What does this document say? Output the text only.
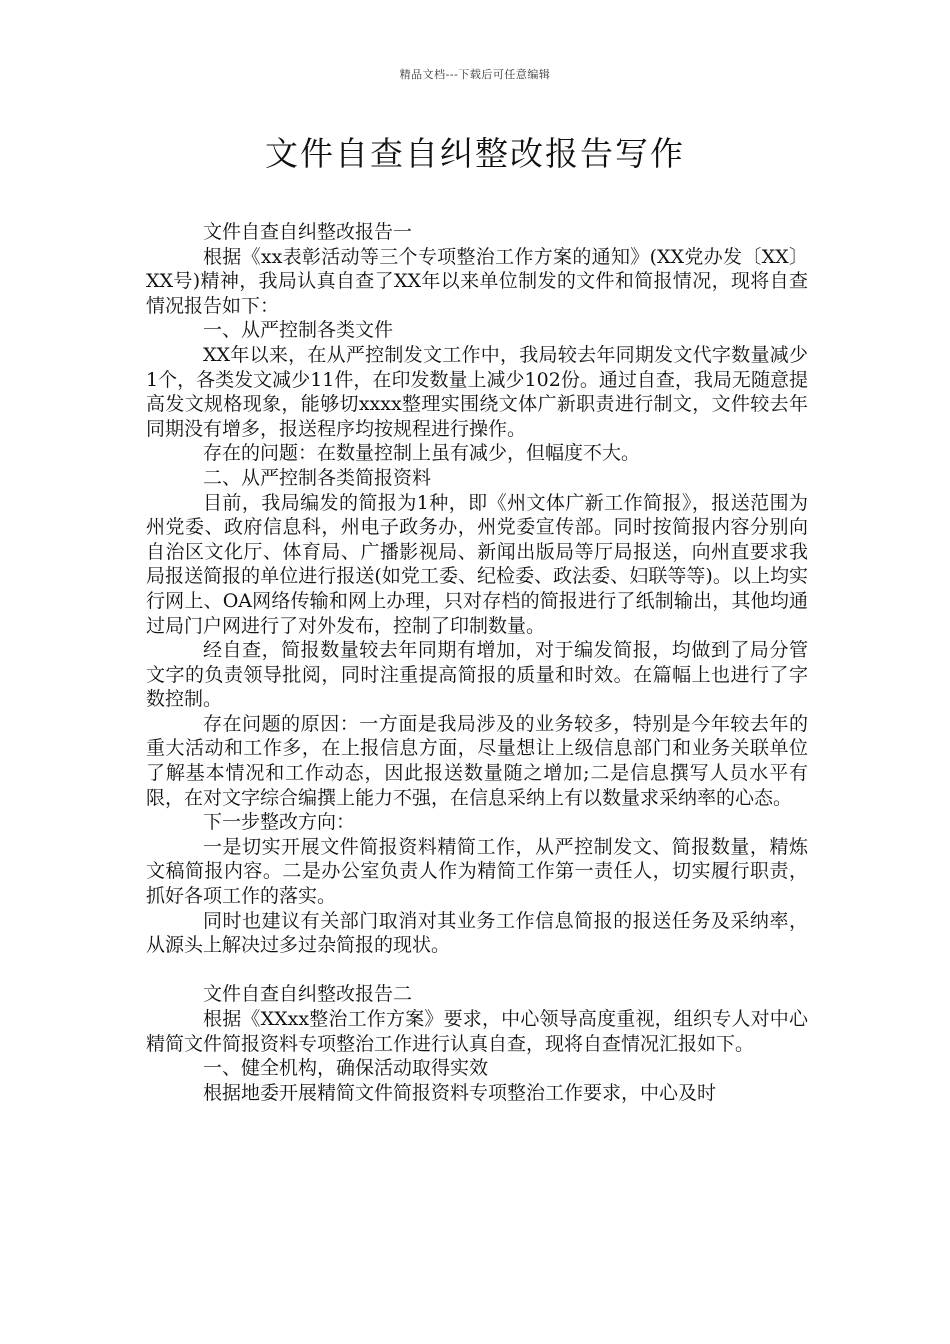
精品文档---下载后可任意编辑
文件自查自纠整改报告写作

文件自查自纠整改报告一

根据《xx表彰活动等三个专项整治工作方案的通知》(XX党办发〔XX〕XX号)精神，我局认真自查了XX年以来单位制发的文件和简报情况，现将自查情况报告如下：

一、从严控制各类文件

XX年以来，在从严控制发文工作中，我局较去年同期发文代字数量减少1个，各类发文减少11件，在印发数量上减少102份。通过自查，我局无随意提高发文规格现象，能够切xxxx整理实围绕文体广新职责进行制文，文件较去年同期没有增多，报送程序均按规程进行操作。

存在的问题：在数量控制上虽有减少，但幅度不大。

二、从严控制各类简报资料

目前，我局编发的简报为1种，即《州文体广新工作简报》，报送范围为州党委、政府信息科，州电子政务办，州党委宣传部。同时按简报内容分别向自治区文化厅、体育局、广播影视局、新闻出版局等厅局报送，向州直要求我局报送简报的单位进行报送(如党工委、纪检委、政法委、妇联等等)。以上均实行网上、OA网络传输和网上办理，只对存档的简报进行了纸制输出，其他均通过局门户网进行了对外发布，控制了印制数量。

经自查，简报数量较去年同期有增加，对于编发简报，均做到了局分管文字的负责领导批阅，同时注重提高简报的质量和时效。在篇幅上也进行了字数控制。

存在问题的原因：一方面是我局涉及的业务较多，特别是今年较去年的重大活动和工作多，在上报信息方面，尽量想让上级信息部门和业务关联单位了解基本情况和工作动态，因此报送数量随之增加;二是信息撰写人员水平有限，在对文字综合编撰上能力不强，在信息采纳上有以数量求采纳率的心态。

下一步整改方向：

一是切实开展文件简报资料精简工作，从严控制发文、简报数量，精炼文稿简报内容。二是办公室负责人作为精简工作第一责任人，切实履行职责，抓好各项工作的落实。

同时也建议有关部门取消对其业务工作信息简报的报送任务及采纳率，从源头上解决过多过杂简报的现状。

文件自查自纠整改报告二

根据《XXxx整治工作方案》要求，中心领导高度重视，组织专人对中心精简文件简报资料专项整治工作进行认真自查，现将自查情况汇报如下。

一、健全机构，确保活动取得实效

根据地委开展精简文件简报资料专项整治工作要求，中心及时
